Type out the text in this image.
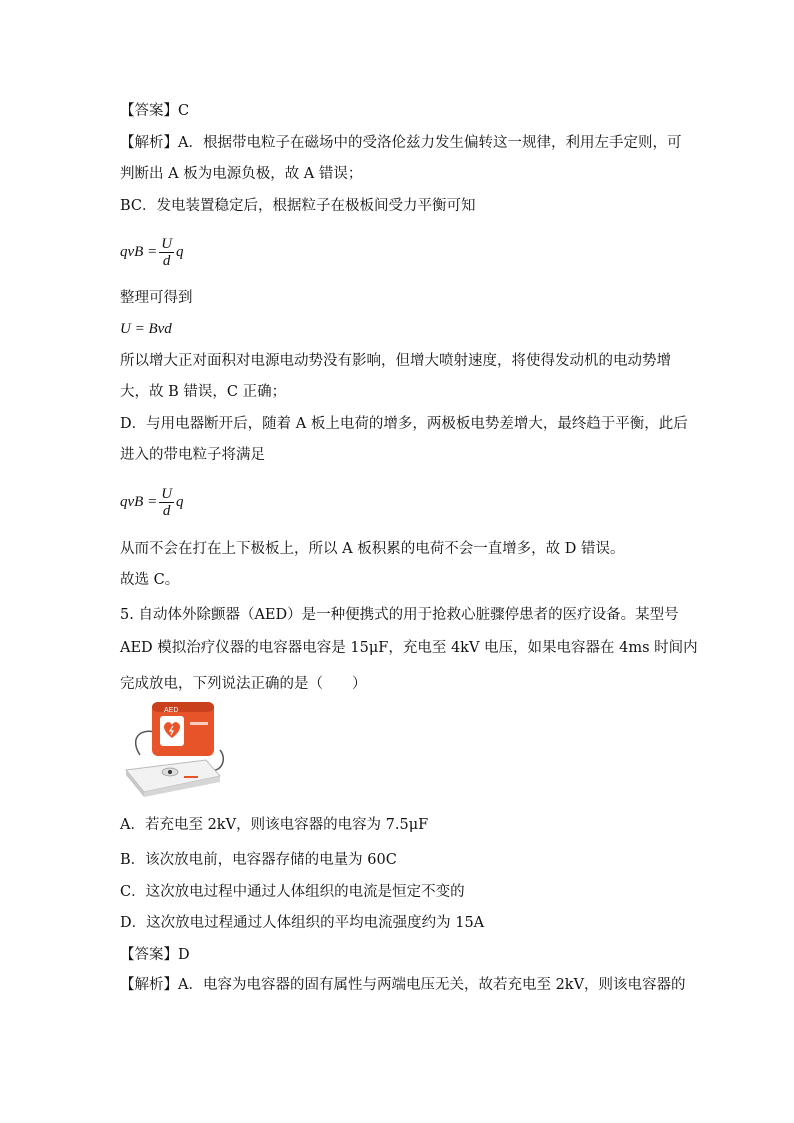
【答案】C
【解析】A．根据带电粒子在磁场中的受洛伦兹力发生偏转这一规律，利用左手定则，可
判断出 A 板为电源负极，故 A 错误；
BC．发电装置稳定后，根据粒子在极板间受力平衡可知
qvB = $\frac{U}{d}$ q
整理可得到
U = Bvd
所以增大正对面积对电源电动势没有影响，但增大喷射速度，将使得发动机的电动势增
大，故 B 错误，C 正确；
D．与用电器断开后，随着 A 板上电荷的增多，两极板电势差增大，最终趋于平衡，此后
进入的带电粒子将满足
qvB = $\frac{U}{d}$ q
从而不会在打在上下极板上，所以 A 板积累的电荷不会一直增多，故 D 错误。
故选 C。
5. 自动体外除颤器（AED）是一种便携式的用于抢救心脏骤停患者的医疗设备。某型号
AED 模拟治疗仪器的电容器电容是 15μF，充电至 4kV 电压，如果电容器在 4ms 时间内
完成放电，下列说法正确的是（　　）
AED
A．若充电至 2kV，则该电容器的电容为 7.5μF
B．该次放电前，电容器存储的电量为 60C
C．这次放电过程中通过人体组织的电流是恒定不变的
D．这次放电过程通过人体组织的平均电流强度约为 15A
【答案】D
【解析】A．电容为电容器的固有属性与两端电压无关，故若充电至 2kV，则该电容器的
